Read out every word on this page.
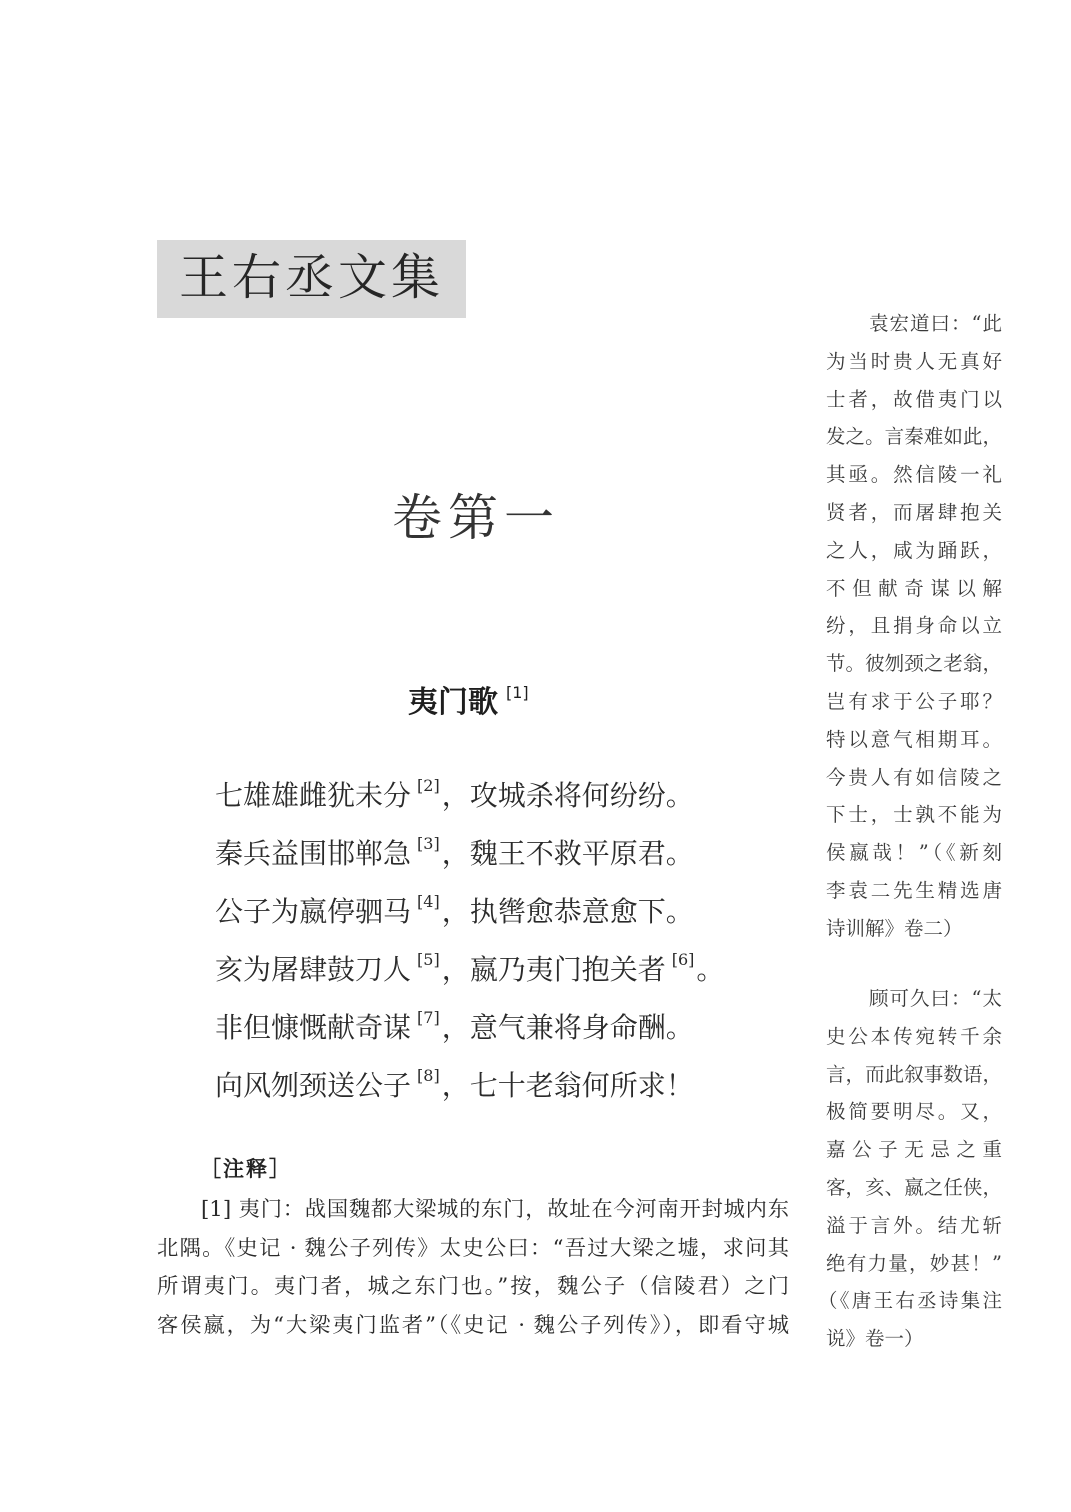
王右丞文集
卷第一
夷门歌 [1]
七雄雄雌犹未分 [2]，攻城杀将何纷纷。
秦兵益围邯郸急 [3]，魏王不救平原君。
公子为嬴停驷马 [4]，执辔愈恭意愈下。
亥为屠肆鼓刀人 [5]，嬴乃夷门抱关者 [6]。
非但慷慨献奇谋 [7]，意气兼将身命酬。
向风刎颈送公子 [8]，七十老翁何所求！
［注释］
[1] 夷门：战国魏都大梁城的东门，故址在今河南开封城内东
北隅。《史记 · 魏公子列传》太史公曰：“吾过大梁之墟，求问其
所谓夷门。夷门者，城之东门也。”按，魏公子（信陵君）之门
客侯嬴，为“大梁夷门监者”（《史记 · 魏公子列传》），即看守城
袁宏道曰：“此
为当时贵人无真好
士者，故借夷门以
发之。言秦难如此，
其亟。然信陵一礼
贤者，而屠肆抱关
之人，咸为踊跃，
不但献奇谋以解
纷，且捐身命以立
节。彼刎颈之老翁，
岂有求于公子耶？
特以意气相期耳。
今贵人有如信陵之
下士，士孰不能为
侯嬴哉！”（《新刻
李袁二先生精选唐
诗训解》卷二）
顾可久曰：“太
史公本传宛转千余
言，而此叙事数语，
极简要明尽。又，
嘉公子无忌之重
客，亥、嬴之任侠，
溢于言外。结尤斩
绝有力量，妙甚！”
（《唐王右丞诗集注
说》卷一）
